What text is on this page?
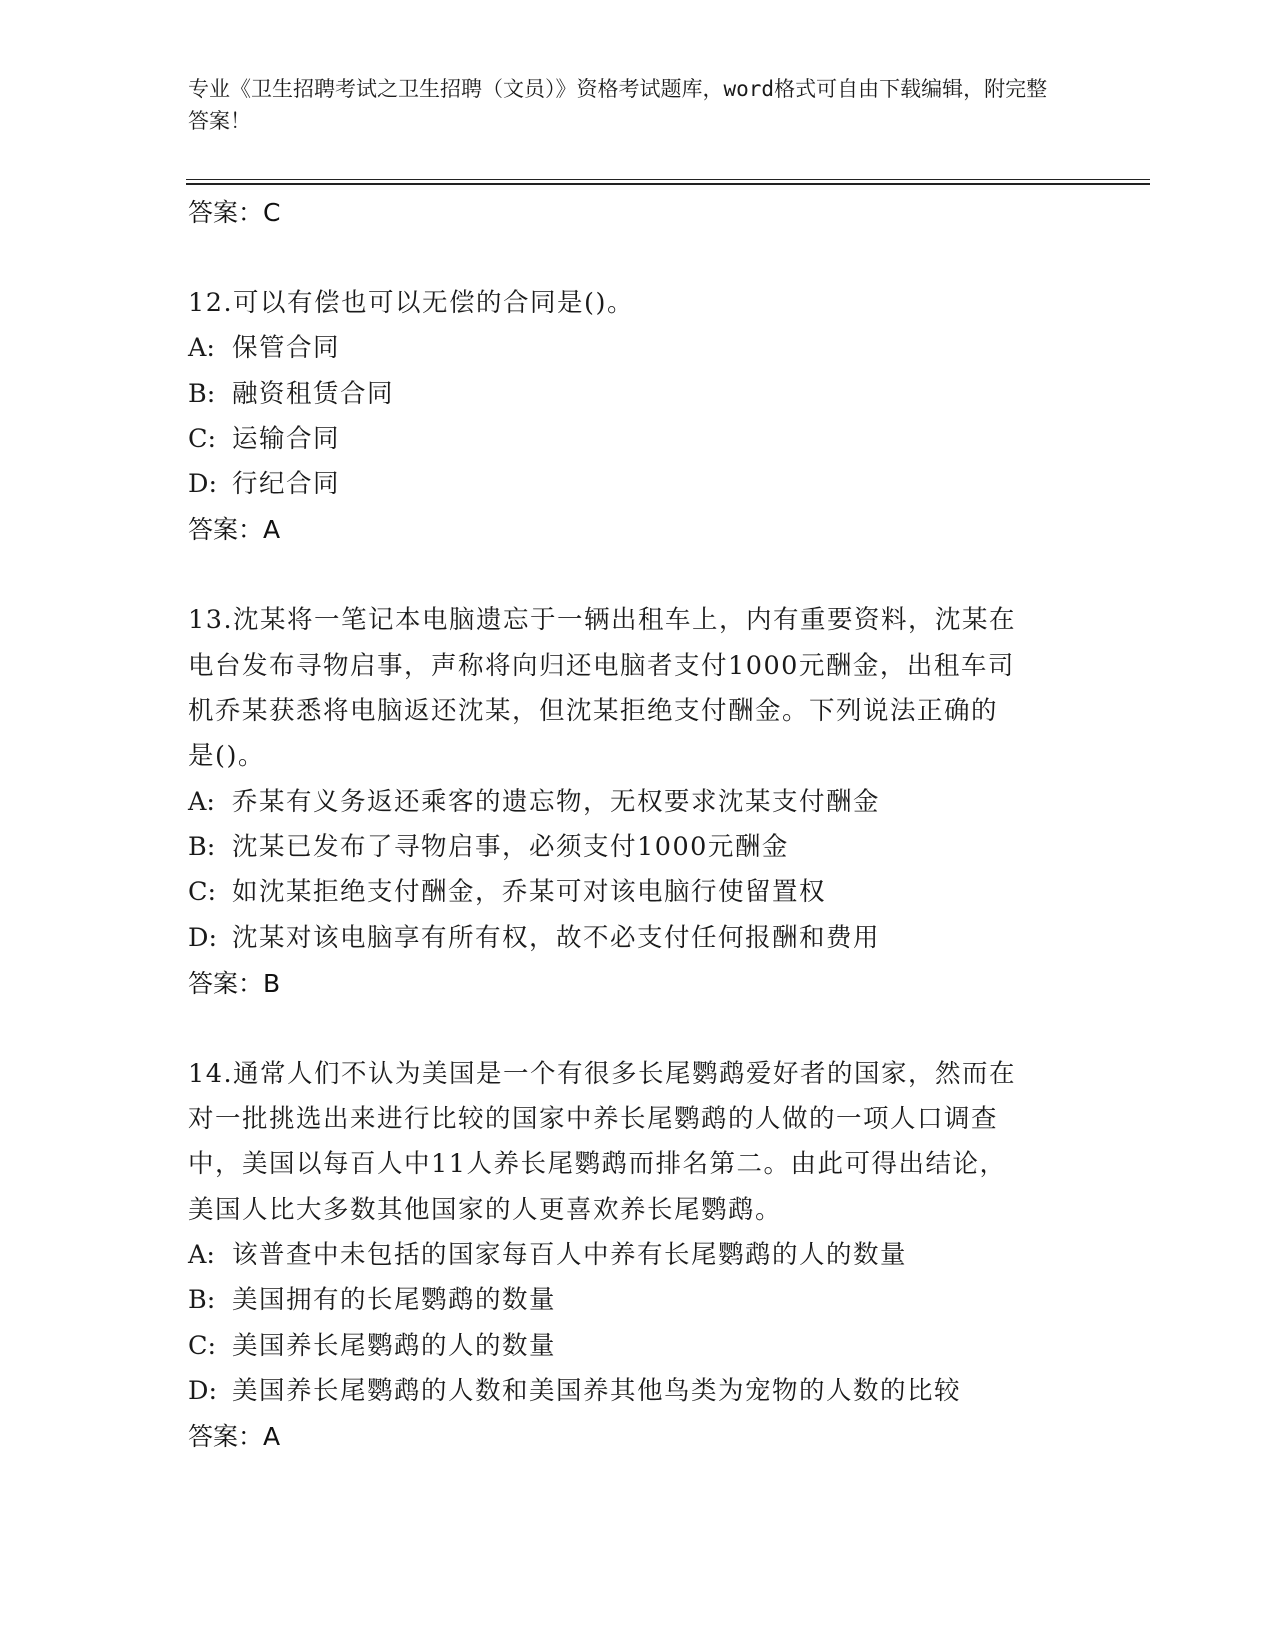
专业《卫生招聘考试之卫生招聘（文员）》资格考试题库，word格式可自由下载编辑，附完整答案！
答案：C
12.可以有偿也可以无偿的合同是()。
A: 保管合同
B: 融资租赁合同
C: 运输合同
D: 行纪合同
答案：A
13.沈某将一笔记本电脑遗忘于一辆出租车上，内有重要资料，沈某在
电台发布寻物启事，声称将向归还电脑者支付1000元酬金，出租车司
机乔某获悉将电脑返还沈某，但沈某拒绝支付酬金。下列说法正确的
是()。
A: 乔某有义务返还乘客的遗忘物，无权要求沈某支付酬金
B: 沈某已发布了寻物启事，必须支付1000元酬金
C: 如沈某拒绝支付酬金，乔某可对该电脑行使留置权
D: 沈某对该电脑享有所有权，故不必支付任何报酬和费用
答案：B
14.通常人们不认为美国是一个有很多长尾鹦鹉爱好者的国家，然而在
对一批挑选出来进行比较的国家中养长尾鹦鹉的人做的一项人口调查
中，美国以每百人中11人养长尾鹦鹉而排名第二。由此可得出结论，
美国人比大多数其他国家的人更喜欢养长尾鹦鹉。
A: 该普查中未包括的国家每百人中养有长尾鹦鹉的人的数量
B: 美国拥有的长尾鹦鹉的数量
C: 美国养长尾鹦鹉的人的数量
D: 美国养长尾鹦鹉的人数和美国养其他鸟类为宠物的人数的比较
答案：A
